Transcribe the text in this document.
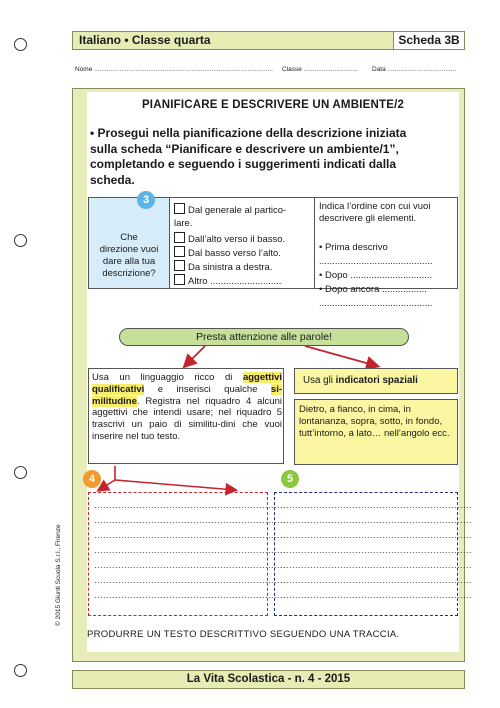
Italiano • Classe quarta	Scheda 3B
Nome ................................................................................................... Classe .............................. Data ......................................
PIANIFICARE E DESCRIVERE UN AMBIENTE/2
• Prosegui nella pianificazione della descrizione iniziata
sulla scheda “Pianificare e descrivere un ambiente/1”,
completando e seguendo i suggerimenti indicati dalla
scheda.
3
Che
direzione vuoi
dare alla tua
descrizione?
Dal generale al partico-
lare.
Dall’alto verso il basso.
Dal basso verso l’alto.
Da sinistra a destra.
Altro ...........................
Indica l’ordine con cui vuoi
descrivere gli elementi.
• Prima descrivo
...........................................
• Dopo ...............................
• Dopo ancora .................
...........................................
Presta attenzione alle parole!
Usa un linguaggio ricco di aggettivi qualificativi e inserisci qualche si-militudine. Registra nel riquadro 4 alcuni aggettivi che intendi usare; nel riquadro 5 trascrivi un paio di similitu-dini che vuoi inserire nel tuo testo.
Usa gli indicatori spaziali
Dietro, a fianco, in cima, in lontananza, sopra, sotto, in fondo, tutt’intorno, a lato… nell’angolo ecc.
4
................................................................
................................................................
................................................................
................................................................
................................................................
................................................................
................................................................
5
................................................................
................................................................
................................................................
................................................................
................................................................
................................................................
................................................................
PRODURRE UN TESTO DESCRITTIVO SEGUENDO UNA TRACCIA.
La Vita Scolastica - n. 4 - 2015
© 2015 Giunti Scuola S.r.l., Firenze
